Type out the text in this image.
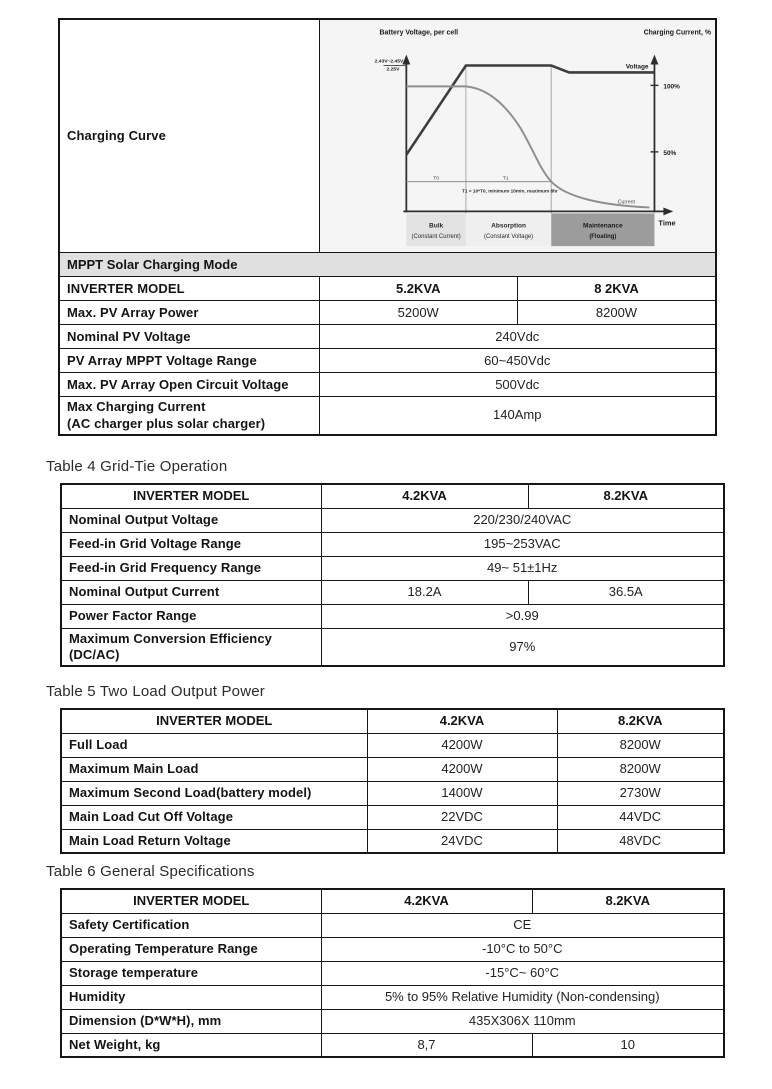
Charging Curve	
Battery Voltage, per cell	Charging Current, %
Time
2.43V~2.45V
2.25V
100%
50%
T0	T1
T1 = 10*T0, minimum 10min, maximum 8hr
Voltage
Current
Bulk
(Constant Current)
Absorption
(Constant Voltage)
Maintenance
(Floating)

MPPT Solar Charging Mode		
INVERTER MODEL	5.2KVA	8 2KVA
Max. PV Array Power	5200W	8200W
Nominal PV Voltage	240Vdc	
PV Array MPPT Voltage Range	60~450Vdc	
Max. PV Array Open Circuit Voltage	500Vdc	

Max Charging Current
(AC charger plus solar charger)	140Amp	
Table 4 Grid-Tie Operation
INVERTER MODEL	4.2KVA	8.2KVA
Nominal Output Voltage	220/230/240VAC	
Feed-in Grid Voltage Range	195~253VAC	
Feed-in Grid Frequency Range	49~ 51±1Hz	
Nominal Output Current	18.2A	36.5A
Power Factor Range	>0.99	

Maximum Conversion Efficiency
(DC/AC)	97%	
Table 5 Two Load Output Power
INVERTER MODEL	4.2KVA	8.2KVA
Full Load	4200W	8200W
Maximum Main Load	4200W	8200W
Maximum Second Load(battery model)	1400W	2730W
Main Load Cut Off Voltage	22VDC	44VDC
Main Load Return Voltage	24VDC	48VDC
Table 6 General Specifications
INVERTER MODEL	4.2KVA	8.2KVA
Safety Certification	CE	
Operating Temperature Range	-10°C to 50°C	
Storage temperature	-15°C~ 60°C	
Humidity	5% to 95% Relative Humidity (Non-condensing)	
Dimension (D*W*H), mm	435X306X 110mm	
Net Weight, kg	8,7	10
